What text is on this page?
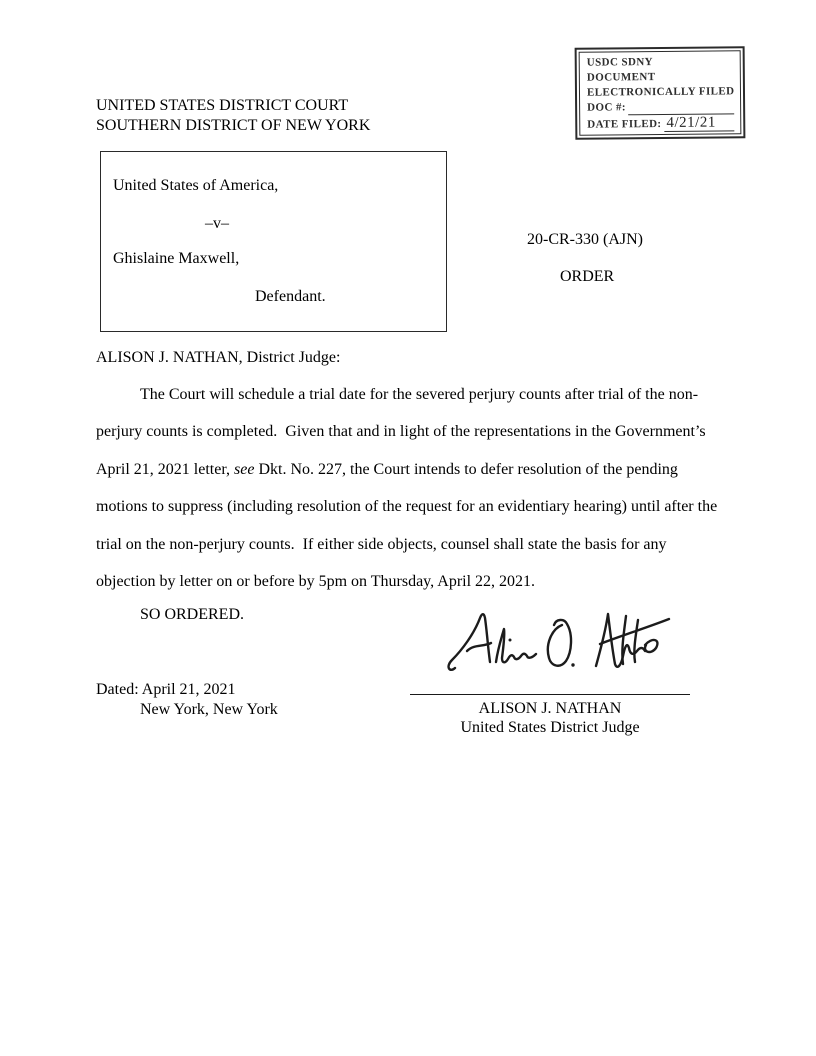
USDC SDNY
DOCUMENT
ELECTRONICALLY FILED
DOC #:
DATE FILED: 4/21/21
UNITED STATES DISTRICT COURT
SOUTHERN DISTRICT OF NEW YORK
United States of America,
–v–
Ghislaine Maxwell,
Defendant.
20-CR-330 (AJN)
ORDER
ALISON J. NATHAN, District Judge:
The Court will schedule a trial date for the severed perjury counts after trial of the non-
perjury counts is completed.  Given that and in light of the representations in the Government’s
April 21, 2021 letter, see Dkt. No. 227, the Court intends to defer resolution of the pending
motions to suppress (including resolution of the request for an evidentiary hearing) until after the
trial on the non-perjury counts.  If either side objects, counsel shall state the basis for any
objection by letter on or before by 5pm on Thursday, April 22, 2021.
SO ORDERED.
Dated: April 21, 2021
New York, New York	ALISON J. NATHAN
United States District Judge
